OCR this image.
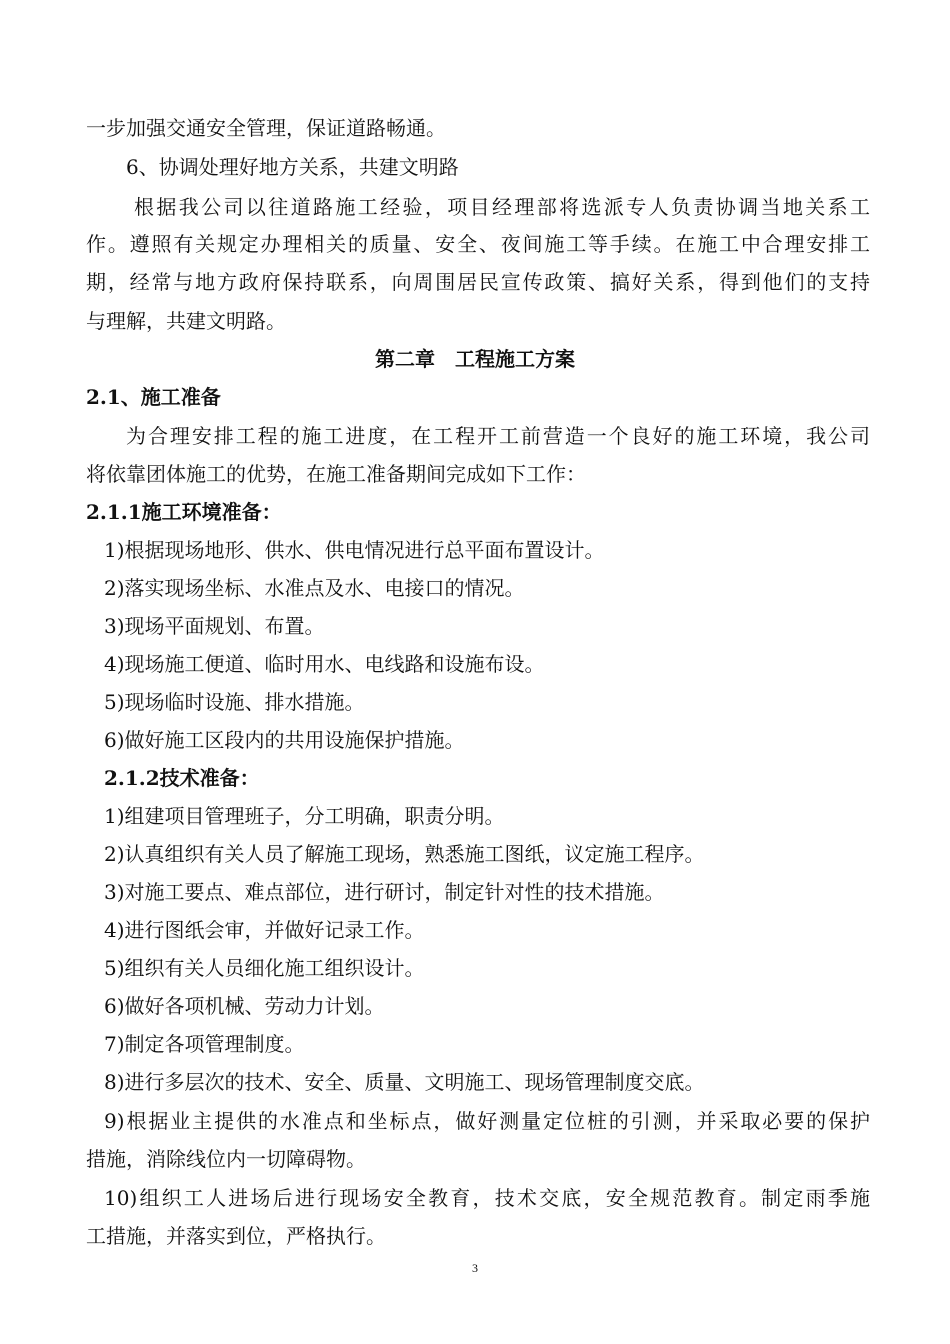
一步加强交通安全管理，保证道路畅通。
6、协调处理好地方关系，共建文明路
根据我公司以往道路施工经验，项目经理部将选派专人负责协调当地关系工
作。遵照有关规定办理相关的质量、安全、夜间施工等手续。在施工中合理安排工
期，经常与地方政府保持联系，向周围居民宣传政策、搞好关系，得到他们的支持
与理解，共建文明路。
第二章　工程施工方案
2.1、施工准备
为合理安排工程的施工进度，在工程开工前营造一个良好的施工环境，我公司
将依靠团体施工的优势，在施工准备期间完成如下工作：
2.1.1施工环境准备：
1)根据现场地形、供水、供电情况进行总平面布置设计。
2)落实现场坐标、水准点及水、电接口的情况。
3)现场平面规划、布置。
4)现场施工便道、临时用水、电线路和设施布设。
5)现场临时设施、排水措施。
6)做好施工区段内的共用设施保护措施。
2.1.2技术准备：
1)组建项目管理班子，分工明确，职责分明。
2)认真组织有关人员了解施工现场，熟悉施工图纸，议定施工程序。
3)对施工要点、难点部位，进行研讨，制定针对性的技术措施。
4)进行图纸会审，并做好记录工作。
5)组织有关人员细化施工组织设计。
6)做好各项机械、劳动力计划。
7)制定各项管理制度。
8)进行多层次的技术、安全、质量、文明施工、现场管理制度交底。
9)根据业主提供的水准点和坐标点，做好测量定位桩的引测，并采取必要的保护
措施，消除线位内一切障碍物。
10)组织工人进场后进行现场安全教育，技术交底，安全规范教育。制定雨季施
工措施，并落实到位，严格执行。
3
